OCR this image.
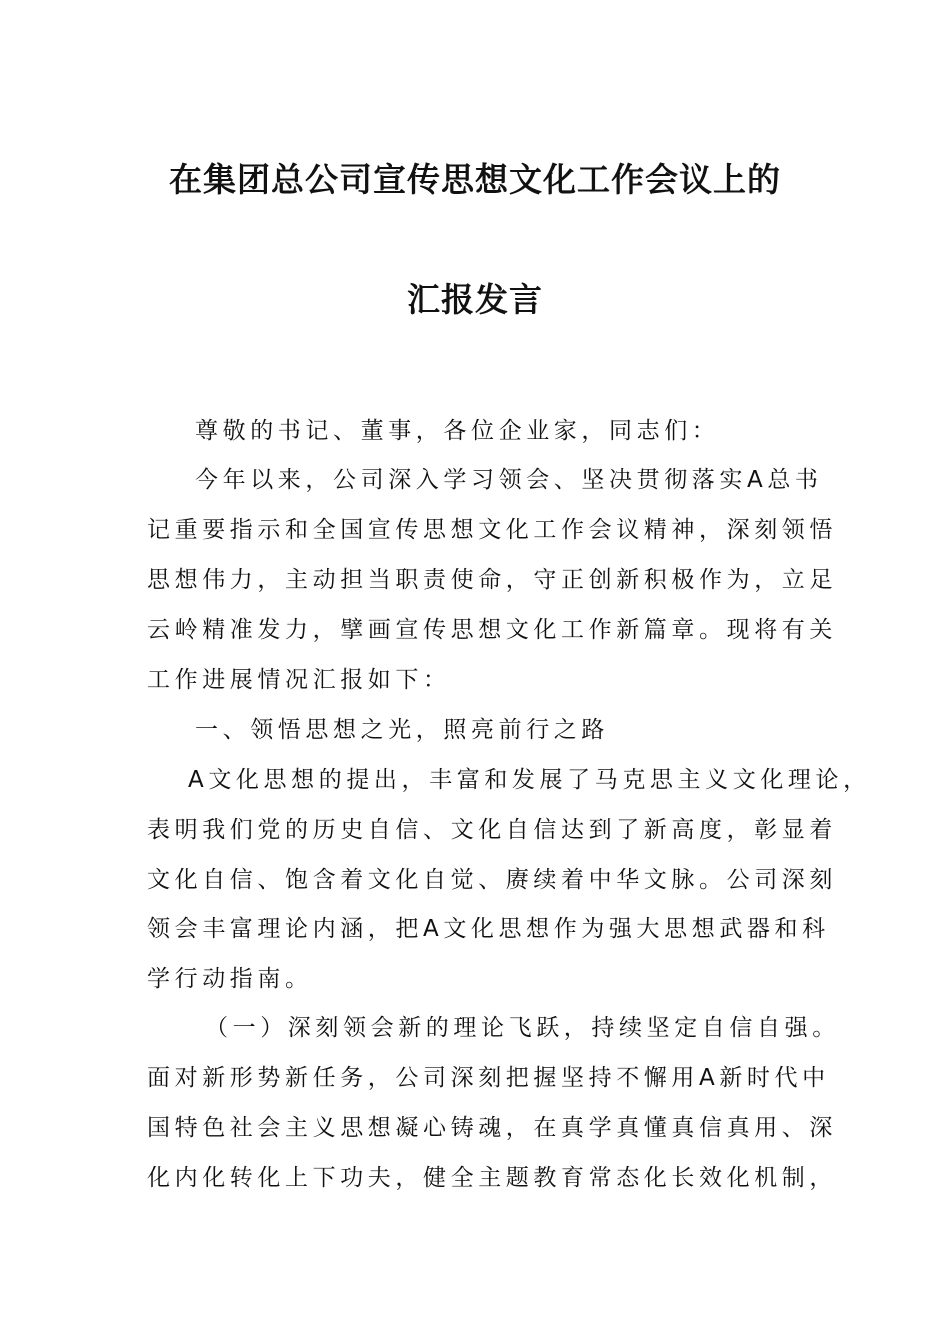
在集团总公司宣传思想文化工作会议上的
汇报发言
尊敬的书记、董事，各位企业家，同志们：
今年以来，公司深入学习领会、坚决贯彻落实A总书
记重要指示和全国宣传思想文化工作会议精神，深刻领悟
思想伟力，主动担当职责使命，守正创新积极作为，立足
云岭精准发力，擘画宣传思想文化工作新篇章。现将有关
工作进展情况汇报如下：
一、领悟思想之光，照亮前行之路
A文化思想的提出，丰富和发展了马克思主义文化理论，
表明我们党的历史自信、文化自信达到了新高度，彰显着
文化自信、饱含着文化自觉、赓续着中华文脉。公司深刻
领会丰富理论内涵，把A文化思想作为强大思想武器和科
学行动指南。
（一）深刻领会新的理论飞跃，持续坚定自信自强。
面对新形势新任务，公司深刻把握坚持不懈用A新时代中
国特色社会主义思想凝心铸魂，在真学真懂真信真用、深
化内化转化上下功夫，健全主题教育常态化长效化机制，
